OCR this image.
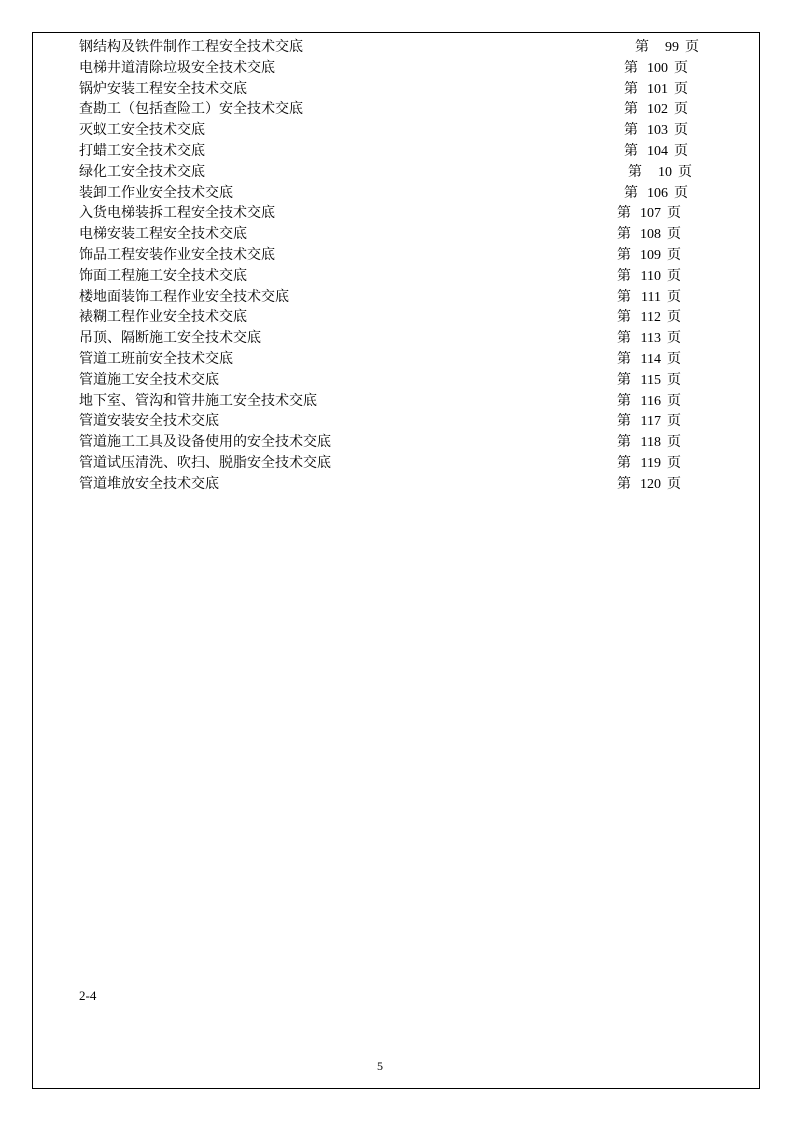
钢结构及铁件制作工程安全技术交底	第 99 页
电梯井道清除垃圾安全技术交底	第 100 页
锅炉安装工程安全技术交底	第 101 页
查勘工（包括查险工）安全技术交底	第 102 页
灭蚁工安全技术交底	第 103 页
打蜡工安全技术交底	第 104 页
绿化工安全技术交底	第 10 页
装卸工作业安全技术交底	第 106 页
入货电梯装拆工程安全技术交底	第 107 页
电梯安装工程安全技术交底	第 108 页
饰品工程安装作业安全技术交底	第 109 页
饰面工程施工安全技术交底	第 110 页
楼地面装饰工程作业安全技术交底	第 111 页
裱糊工程作业安全技术交底	第 112 页
吊顶、隔断施工安全技术交底	第 113 页
管道工班前安全技术交底	第 114 页
管道施工安全技术交底	第 115 页
地下室、管沟和管井施工安全技术交底	第 116 页
管道安装安全技术交底	第 117 页
管道施工工具及设备使用的安全技术交底	第 118 页
管道试压清洗、吹扫、脱脂安全技术交底	第 119 页
管道堆放安全技术交底	第 120 页
2-4
5
